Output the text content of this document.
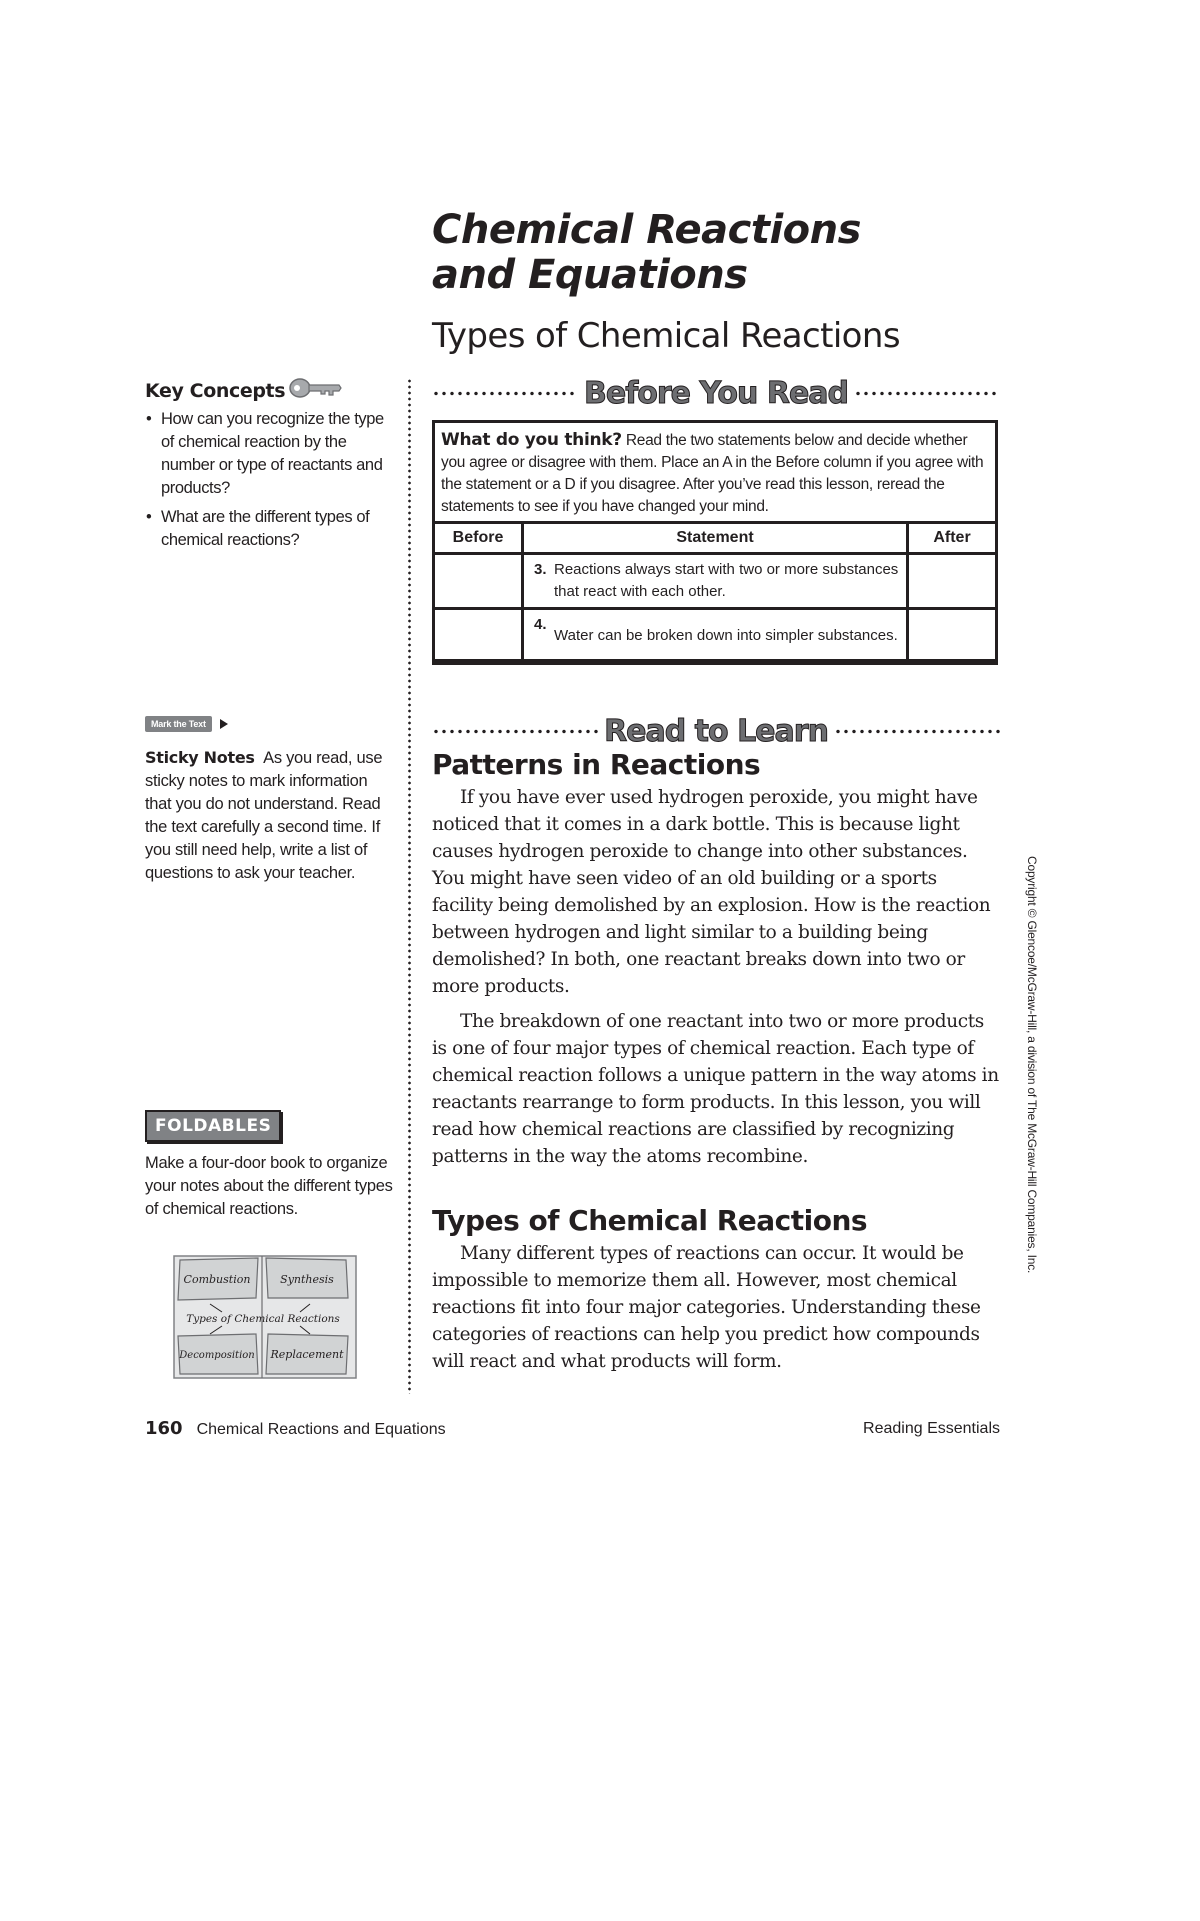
Chemical Reactions
and Equations
Types of Chemical Reactions
Before You Read
What do you think? Read the two statements below and decide whether you agree or disagree with them. Place an A in the Before column if you agree with the statement or a D if you disagree. After you’ve read this lesson, reread the statements to see if you have changed your mind.
Before	Statement	After

	3. Reactions always start with two or more substances that react with each other.	

	4.
Water can be broken down into simpler substances.	

Read to Learn
Patterns in Reactions

If you have ever used hydrogen peroxide, you might have noticed that it comes in a dark bottle. This is because light causes hydrogen peroxide to change into other substances. You might have seen video of an old building or a sports facility being demolished by an explosion. How is the reaction between hydrogen and light similar to a building being demolished? In both, one reactant breaks down into two or more products.

The breakdown of one reactant into two or more products is one of four major types of chemical reaction. Each type of chemical reaction follows a unique pattern in the way atoms in reactants rearrange to form products. In this lesson, you will read how chemical reactions are classified by recognizing patterns in the way the atoms recombine.

Types of Chemical Reactions

Many different types of reactions can occur. It would be impossible to memorize them all. However, most chemical reactions fit into four major categories. Understanding these categories of reactions can help you predict how compounds will react and what products will form.

Key Concepts
• How can you recognize the type of chemical reaction by the number or type of reactants and products?
• What are the different types of chemical reactions?
Mark the Text
Sticky Notes As you read, use sticky notes to mark information that you do not understand. Read the text carefully a second time. If you still need help, write a list of questions to ask your teacher.
FOLDABLES
Make a four-door book to organize your notes about the different types of chemical reactions.
Combustion	Synthesis
Types of Chemical Reactions
Decomposition Replacement
160 Chemical Reactions and Equations	Reading Essentials
Copyright © Glencoe/McGraw-Hill, a division of The McGraw-Hill Companies, Inc.
